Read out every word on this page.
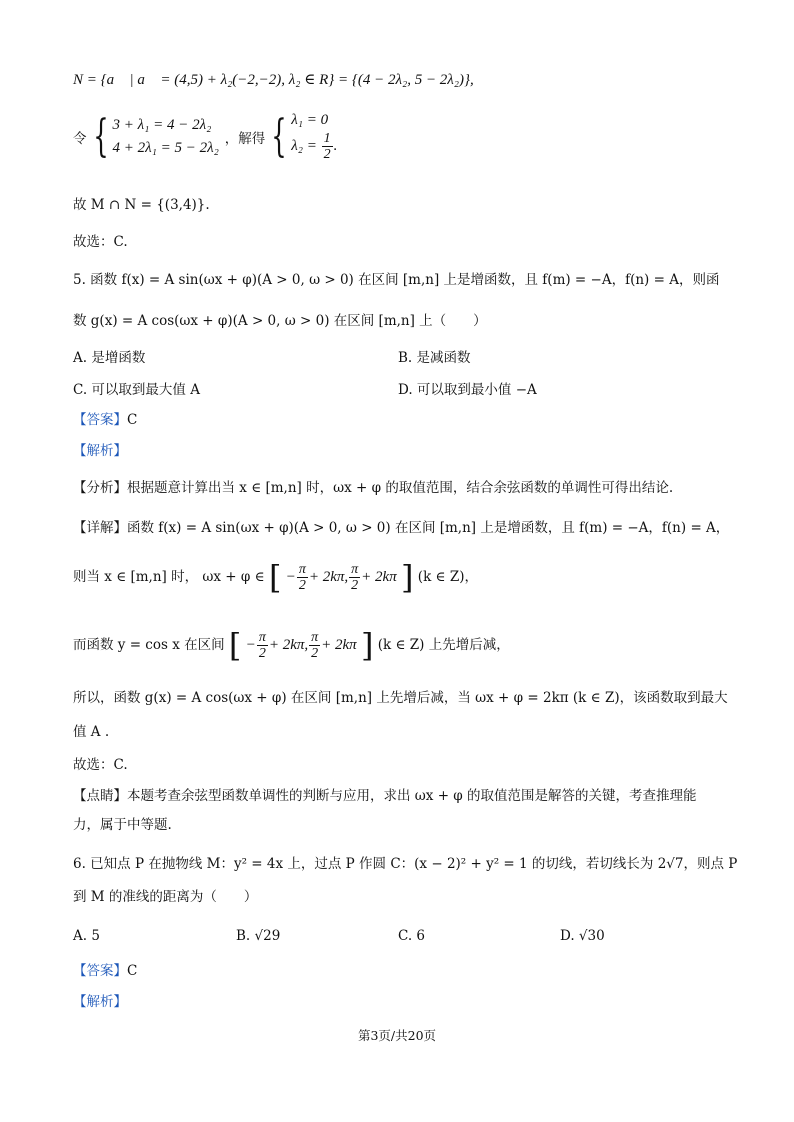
N = {a⃗ | a⃗ = (4,5) + λ₂(−2,−2), λ₂ ∈ R} = {(4 − 2λ₂, 5 − 2λ₂)},
令 { 3 + λ₁ = 4 − 2λ₂
4 + 2λ₁ = 5 − 2λ₂
，解得 { λ₁ = 0
$\lambda_2 = \frac{1}{2}$ .
故 M ∩ N = {(3,4)}.
故选：C.
5. 函数 f(x) = A sin(ωx + φ)(A > 0, ω > 0) 在区间 [m,n] 上是增函数，且 f(m) = −A，f(n) = A，则函
数 g(x) = A cos(ωx + φ)(A > 0, ω > 0) 在区间 [m,n] 上（　　）
A. 是增函数	B. 是减函数
C. 可以取到最大值 A	D. 可以取到最小值 −A
【答案】C
【解析】
【分析】根据题意计算出当 x ∈ [m,n] 时，ωx + φ 的取值范围，结合余弦函数的单调性可得出结论.
【详解】函数 f(x) = A sin(ωx + φ)(A > 0, ω > 0) 在区间 [m,n] 上是增函数，且 f(m) = −A，f(n) = A，
则当 x ∈ [m,n] 时， ωx + φ ∈ [ − $\frac{\pi}{2} + 2k\pi$, $\frac{\pi}{2} + 2k\pi$ ] (k ∈ Z)，
而函数 y = cos x 在区间 [ − $\frac{\pi}{2} + 2k\pi$, $\frac{\pi}{2} + 2k\pi$ ] (k ∈ Z) 上先增后减，
所以，函数 g(x) = A cos(ωx + φ) 在区间 [m,n] 上先增后减，当 ωx + φ = 2kπ (k ∈ Z)，该函数取到最大
值 A .
故选：C.
【点睛】本题考查余弦型函数单调性的判断与应用，求出 ωx + φ 的取值范围是解答的关键，考查推理能
力，属于中等题.
6. 已知点 P 在抛物线 M：y² = 4x 上，过点 P 作圆 C：(x − 2)² + y² = 1 的切线，若切线长为 2√7，则点 P
到 M 的准线的距离为（　　）
A. 5	B. √29	C. 6	D. √30
【答案】C
【解析】
第3页/共20页
